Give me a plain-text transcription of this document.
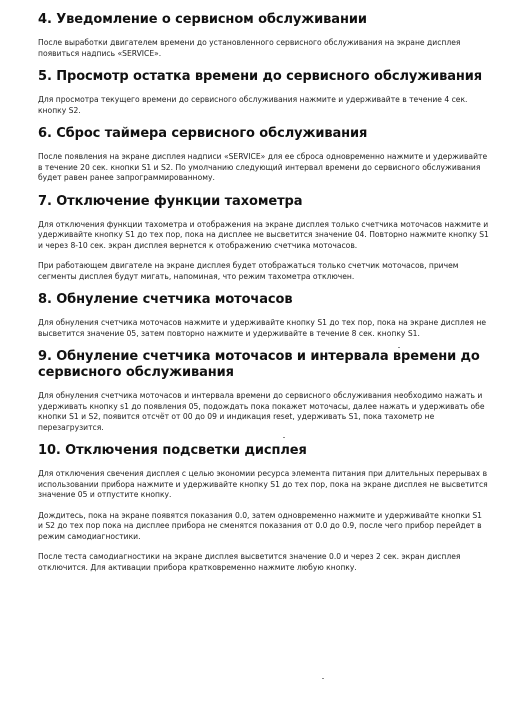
4. Уведомление о сервисном обслуживании

После выработки двигателем времени до установленного сервисного обслуживания на экране дисплея появиться надпись «SERVICE».

5. Просмотр остатка времени до сервисного обслуживания

Для просмотра текущего времени до сервисного обслуживания нажмите и удерживайте в течение 4 сек. кнопку S2.

6. Сброс таймера сервисного обслуживания

После появления на экране дисплея надписи «SERVICE» для ее сброса одновременно нажмите и удерживайте в течение 20 сек. кнопки S1 и S2. По умолчанию следующий интервал времени до сервисного обслуживания будет равен ранее запрограммированному.

7. Отключение функции тахометра

Для отключения функции тахометра и отображения на экране дисплея только счетчика моточасов нажмите и удерживайте кнопку S1 до тех пор, пока на дисплее не высветится значение 04. Повторно нажмите кнопку S1 и через 8-10 сек. экран дисплея вернется к отображению счетчика моточасов.

При работающем двигателе на экране дисплея будет отображаться только счетчик моточасов, причем сегменты дисплея будут мигать, напоминая, что режим тахометра отключен.

8. Обнуление счетчика моточасов

Для обнуления счетчика моточасов нажмите и удерживайте кнопку S1 до тех пор, пока на экране дисплея не высветится значение 05, затем повторно нажмите и удерживайте в течение 8 сек. кнопку S1.

9. Обнуление счетчика моточасов и интервала времени до сервисного обслуживания

Для обнуления счетчика моточасов и интервала времени до сервисного обслуживания необходимо нажать и удерживать кнопку s1 до появления 05, подождать пока покажет моточасы, далее нажать и удерживать обе кнопки S1 и S2, появится отсчёт от 00 до 09 и индикация reset, удерживать S1, пока тахометр не перезагрузится.

10. Отключения подсветки дисплея

Для отключения свечения дисплея с целью экономии ресурса элемента питания при длительных перерывах в использовании прибора нажмите и удерживайте кнопку S1 до тех пор, пока на экране дисплея не высветится значение 05 и отпустите кнопку.

Дождитесь, пока на экране появятся показания 0.0, затем одновременно нажмите и удерживайте кнопки S1 и S2 до тех пор пока на дисплее прибора не сменятся показания от 0.0 до 0.9, после чего прибор перейдет в режим самодиагностики.

После теста самодиагностики на экране дисплея высветится значение 0.0 и через 2 сек. экран дисплея отключится. Для активации прибора кратковременно нажмите любую кнопку.
